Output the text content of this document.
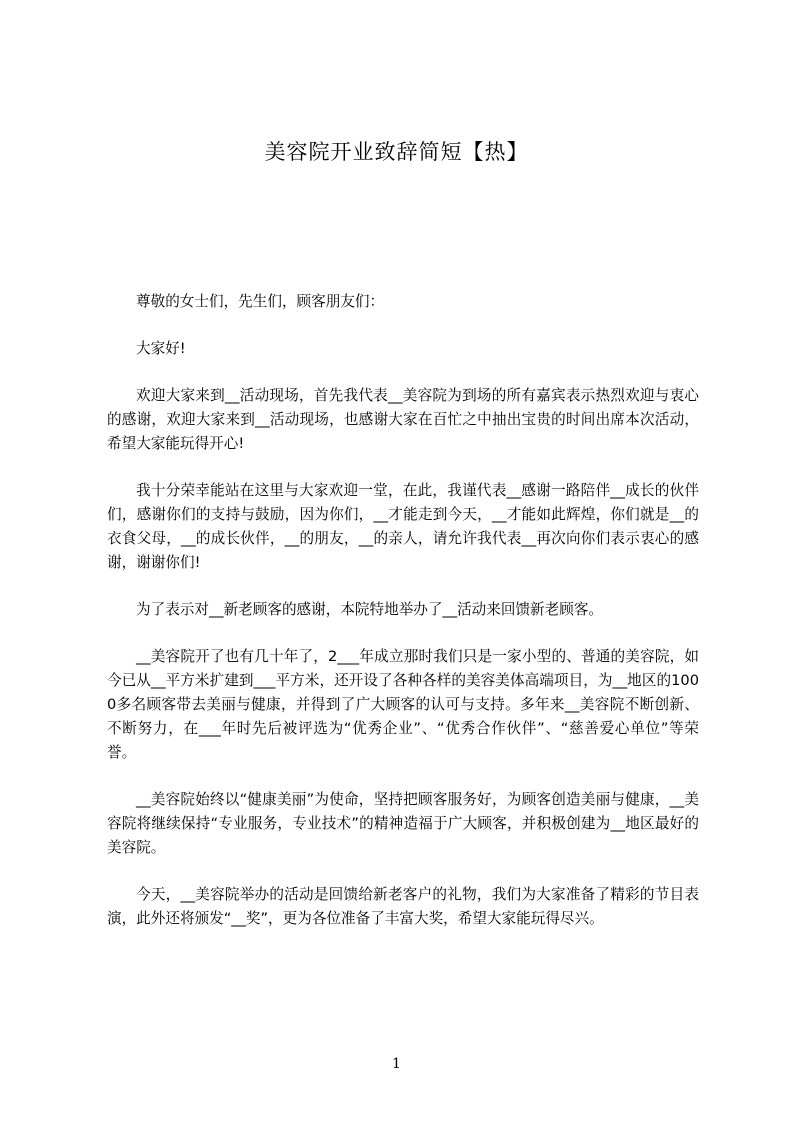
美容院开业致辞简短【热】

尊敬的女士们，先生们，顾客朋友们：

大家好!

欢迎大家来到__活动现场，首先我代表__美容院为到场的所有嘉宾表示热烈欢迎与衷心的感谢，欢迎大家来到__活动现场，也感谢大家在百忙之中抽出宝贵的时间出席本次活动，希望大家能玩得开心!

我十分荣幸能站在这里与大家欢迎一堂，在此，我谨代表__感谢一路陪伴__成长的伙伴们，感谢你们的支持与鼓励，因为你们，__才能走到今天，__才能如此辉煌，你们就是__的衣食父母，__的成长伙伴，__的朋友，__的亲人，请允许我代表__再次向你们表示衷心的感谢，谢谢你们!

为了表示对__新老顾客的感谢，本院特地举办了__活动来回馈新老顾客。

__美容院开了也有几十年了，2___年成立那时我们只是一家小型的、普通的美容院，如今已从__平方米扩建到___平方米，还开设了各种各样的美容美体高端项目，为__地区的1000多名顾客带去美丽与健康，并得到了广大顾客的认可与支持。多年来__美容院不断创新、不断努力，在___年时先后被评选为“优秀企业”、“优秀合作伙伴”、“慈善爱心单位”等荣誉。

__美容院始终以“健康美丽”为使命，坚持把顾客服务好，为顾客创造美丽与健康，__美容院将继续保持“专业服务，专业技术”的精神造福于广大顾客，并积极创建为__地区最好的美容院。

今天，__美容院举办的活动是回馈给新老客户的礼物，我们为大家准备了精彩的节目表演，此外还将颁发“__奖”，更为各位准备了丰富大奖，希望大家能玩得尽兴。

1
